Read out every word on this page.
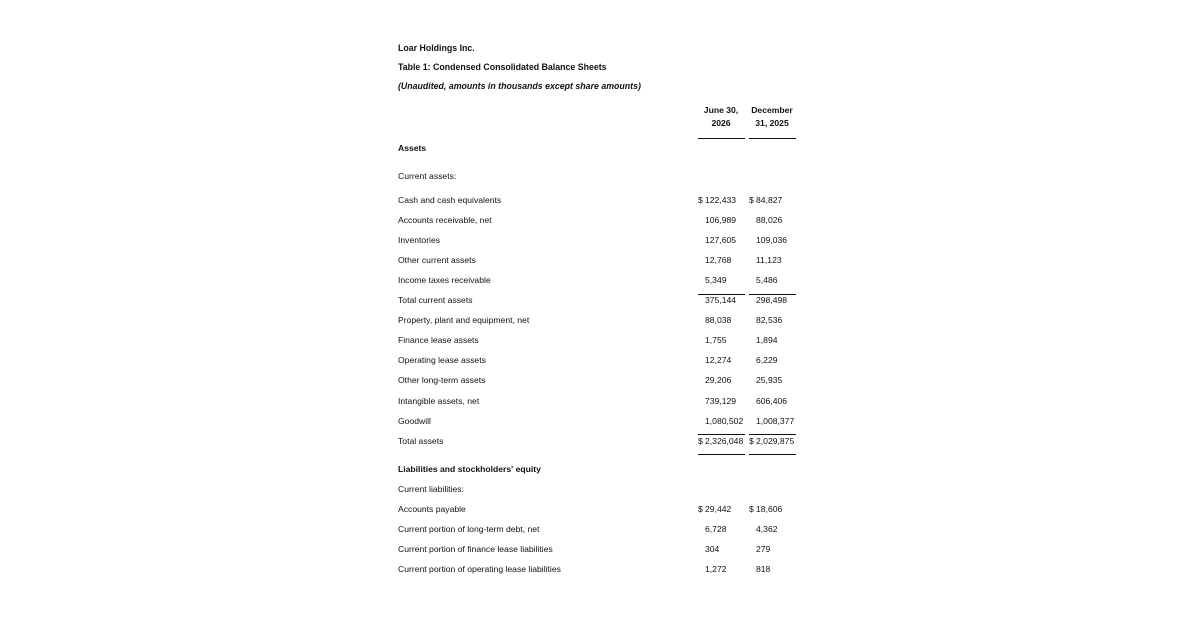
Loar Holdings Inc.
Table 1: Condensed Consolidated Balance Sheets
(Unaudited, amounts in thousands except share amounts)
June 30,
2026
December
31, 2025
Assets
Current assets:
Cash and cash equivalents	$ 122,433 $ 84,827
Accounts receivable, net	106,989	88,026
Inventories	127,605	109,036
Other current assets	12,768	11,123
Income taxes receivable	5,349	5,486
Total current assets	375,144	298,498
Property, plant and equipment, net	88,038	82,536
Finance lease assets	1,755	1,894
Operating lease assets	12,274	6,229
Other long-term assets	29,206	25,935
Intangible assets, net	739,129	606,406
Goodwill	1,080,502	1,008,377
Total assets	$ 2,326,048 $ 2,029,875
Liabilities and stockholders' equity
Current liabilities:
Accounts payable	$ 29,442 $ 18,606
Current portion of long-term debt, net	6,728	4,362
Current portion of finance lease liabilities	304	279
Current portion of operating lease liabilities	1,272	818
